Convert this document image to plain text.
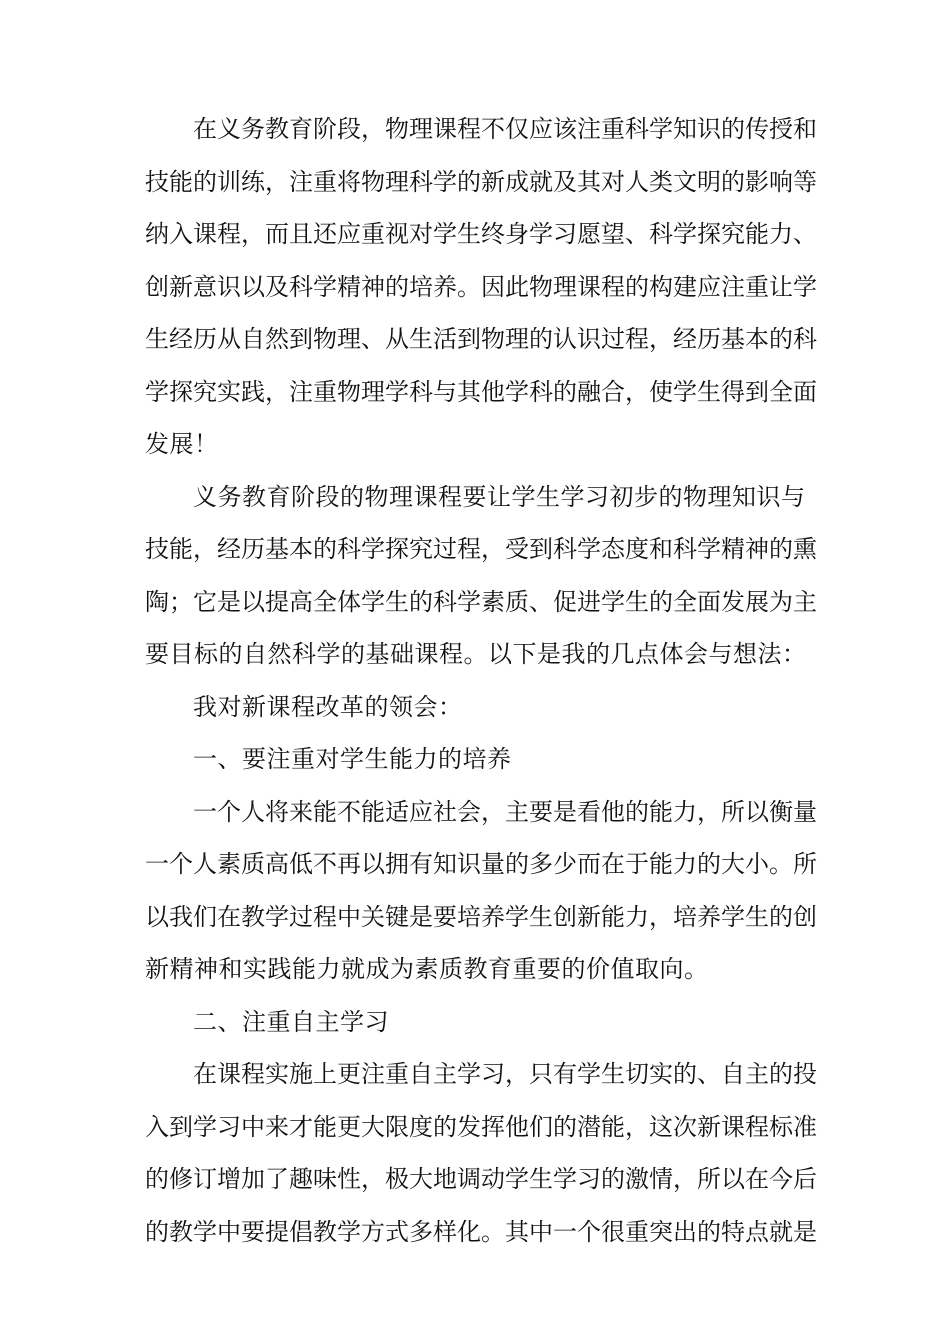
在义务教育阶段，物理课程不仅应该注重科学知识的传授和
技能的训练，注重将物理科学的新成就及其对人类文明的影响等
纳入课程，而且还应重视对学生终身学习愿望、科学探究能力、
创新意识以及科学精神的培养。因此物理课程的构建应注重让学
生经历从自然到物理、从生活到物理的认识过程，经历基本的科
学探究实践，注重物理学科与其他学科的融合，使学生得到全面
发展！
义务教育阶段的物理课程要让学生学习初步的物理知识与
技能，经历基本的科学探究过程，受到科学态度和科学精神的熏
陶；它是以提高全体学生的科学素质、促进学生的全面发展为主
要目标的自然科学的基础课程。以下是我的几点体会与想法：
我对新课程改革的领会：
一、要注重对学生能力的培养
一个人将来能不能适应社会，主要是看他的能力，所以衡量
一个人素质高低不再以拥有知识量的多少而在于能力的大小。所
以我们在教学过程中关键是要培养学生创新能力，培养学生的创
新精神和实践能力就成为素质教育重要的价值取向。
二、注重自主学习
在课程实施上更注重自主学习，只有学生切实的、自主的投
入到学习中来才能更大限度的发挥他们的潜能，这次新课程标准
的修订增加了趣味性，极大地调动学生学习的激情，所以在今后
的教学中要提倡教学方式多样化。其中一个很重突出的特点就是
